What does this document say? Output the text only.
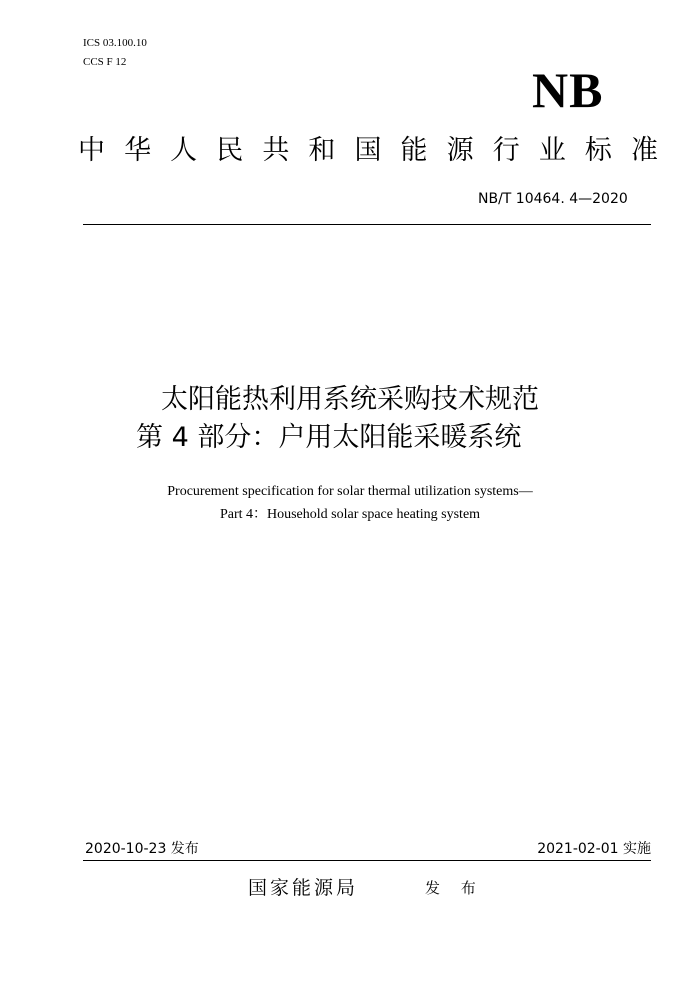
ICS 03.100.10
CCS F 12	NB
中 华 人 民 共 和 国 能 源 行 业 标 准
NB/T 10464. 4—2020
太阳能热利用系统采购技术规范
第 4 部分：户用太阳能采暖系统
Procurement specification for solar thermal utilization systems—
Part 4：Household solar space heating system
2020-10-23 发布	2021-02-01 实施
国家能源局	发 布
